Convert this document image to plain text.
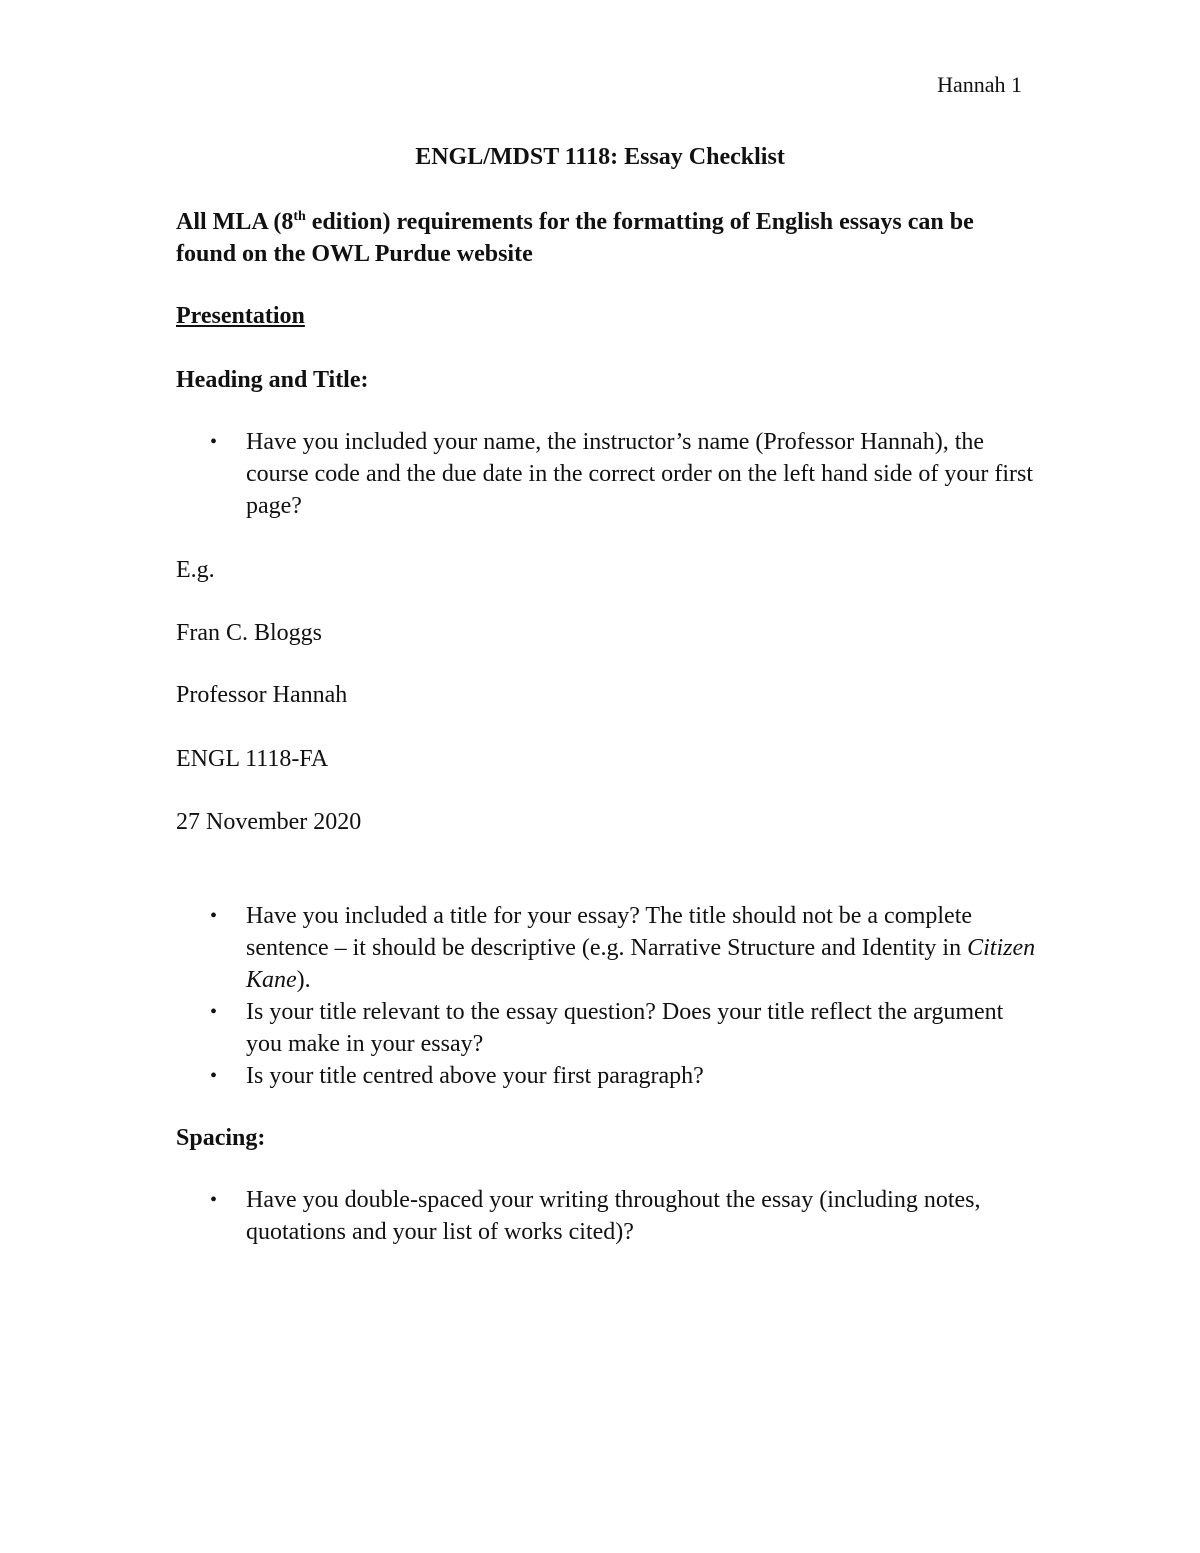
Hannah 1
ENGL/MDST 1118: Essay Checklist
All MLA (8th edition) requirements for the formatting of English essays can be found on the OWL Purdue website
Presentation
Heading and Title:
• Have you included your name, the instructor’s name (Professor Hannah), the course code and the due date in the correct order on the left hand side of your first page?
E.g.
Fran C. Bloggs
Professor Hannah
ENGL 1118-FA
27 November 2020
• Have you included a title for your essay? The title should not be a complete sentence – it should be descriptive (e.g. Narrative Structure and Identity in Citizen Kane).
• Is your title relevant to the essay question? Does your title reflect the argument you make in your essay?
• Is your title centred above your first paragraph?
Spacing:
• Have you double-spaced your writing throughout the essay (including notes, quotations and your list of works cited)?
